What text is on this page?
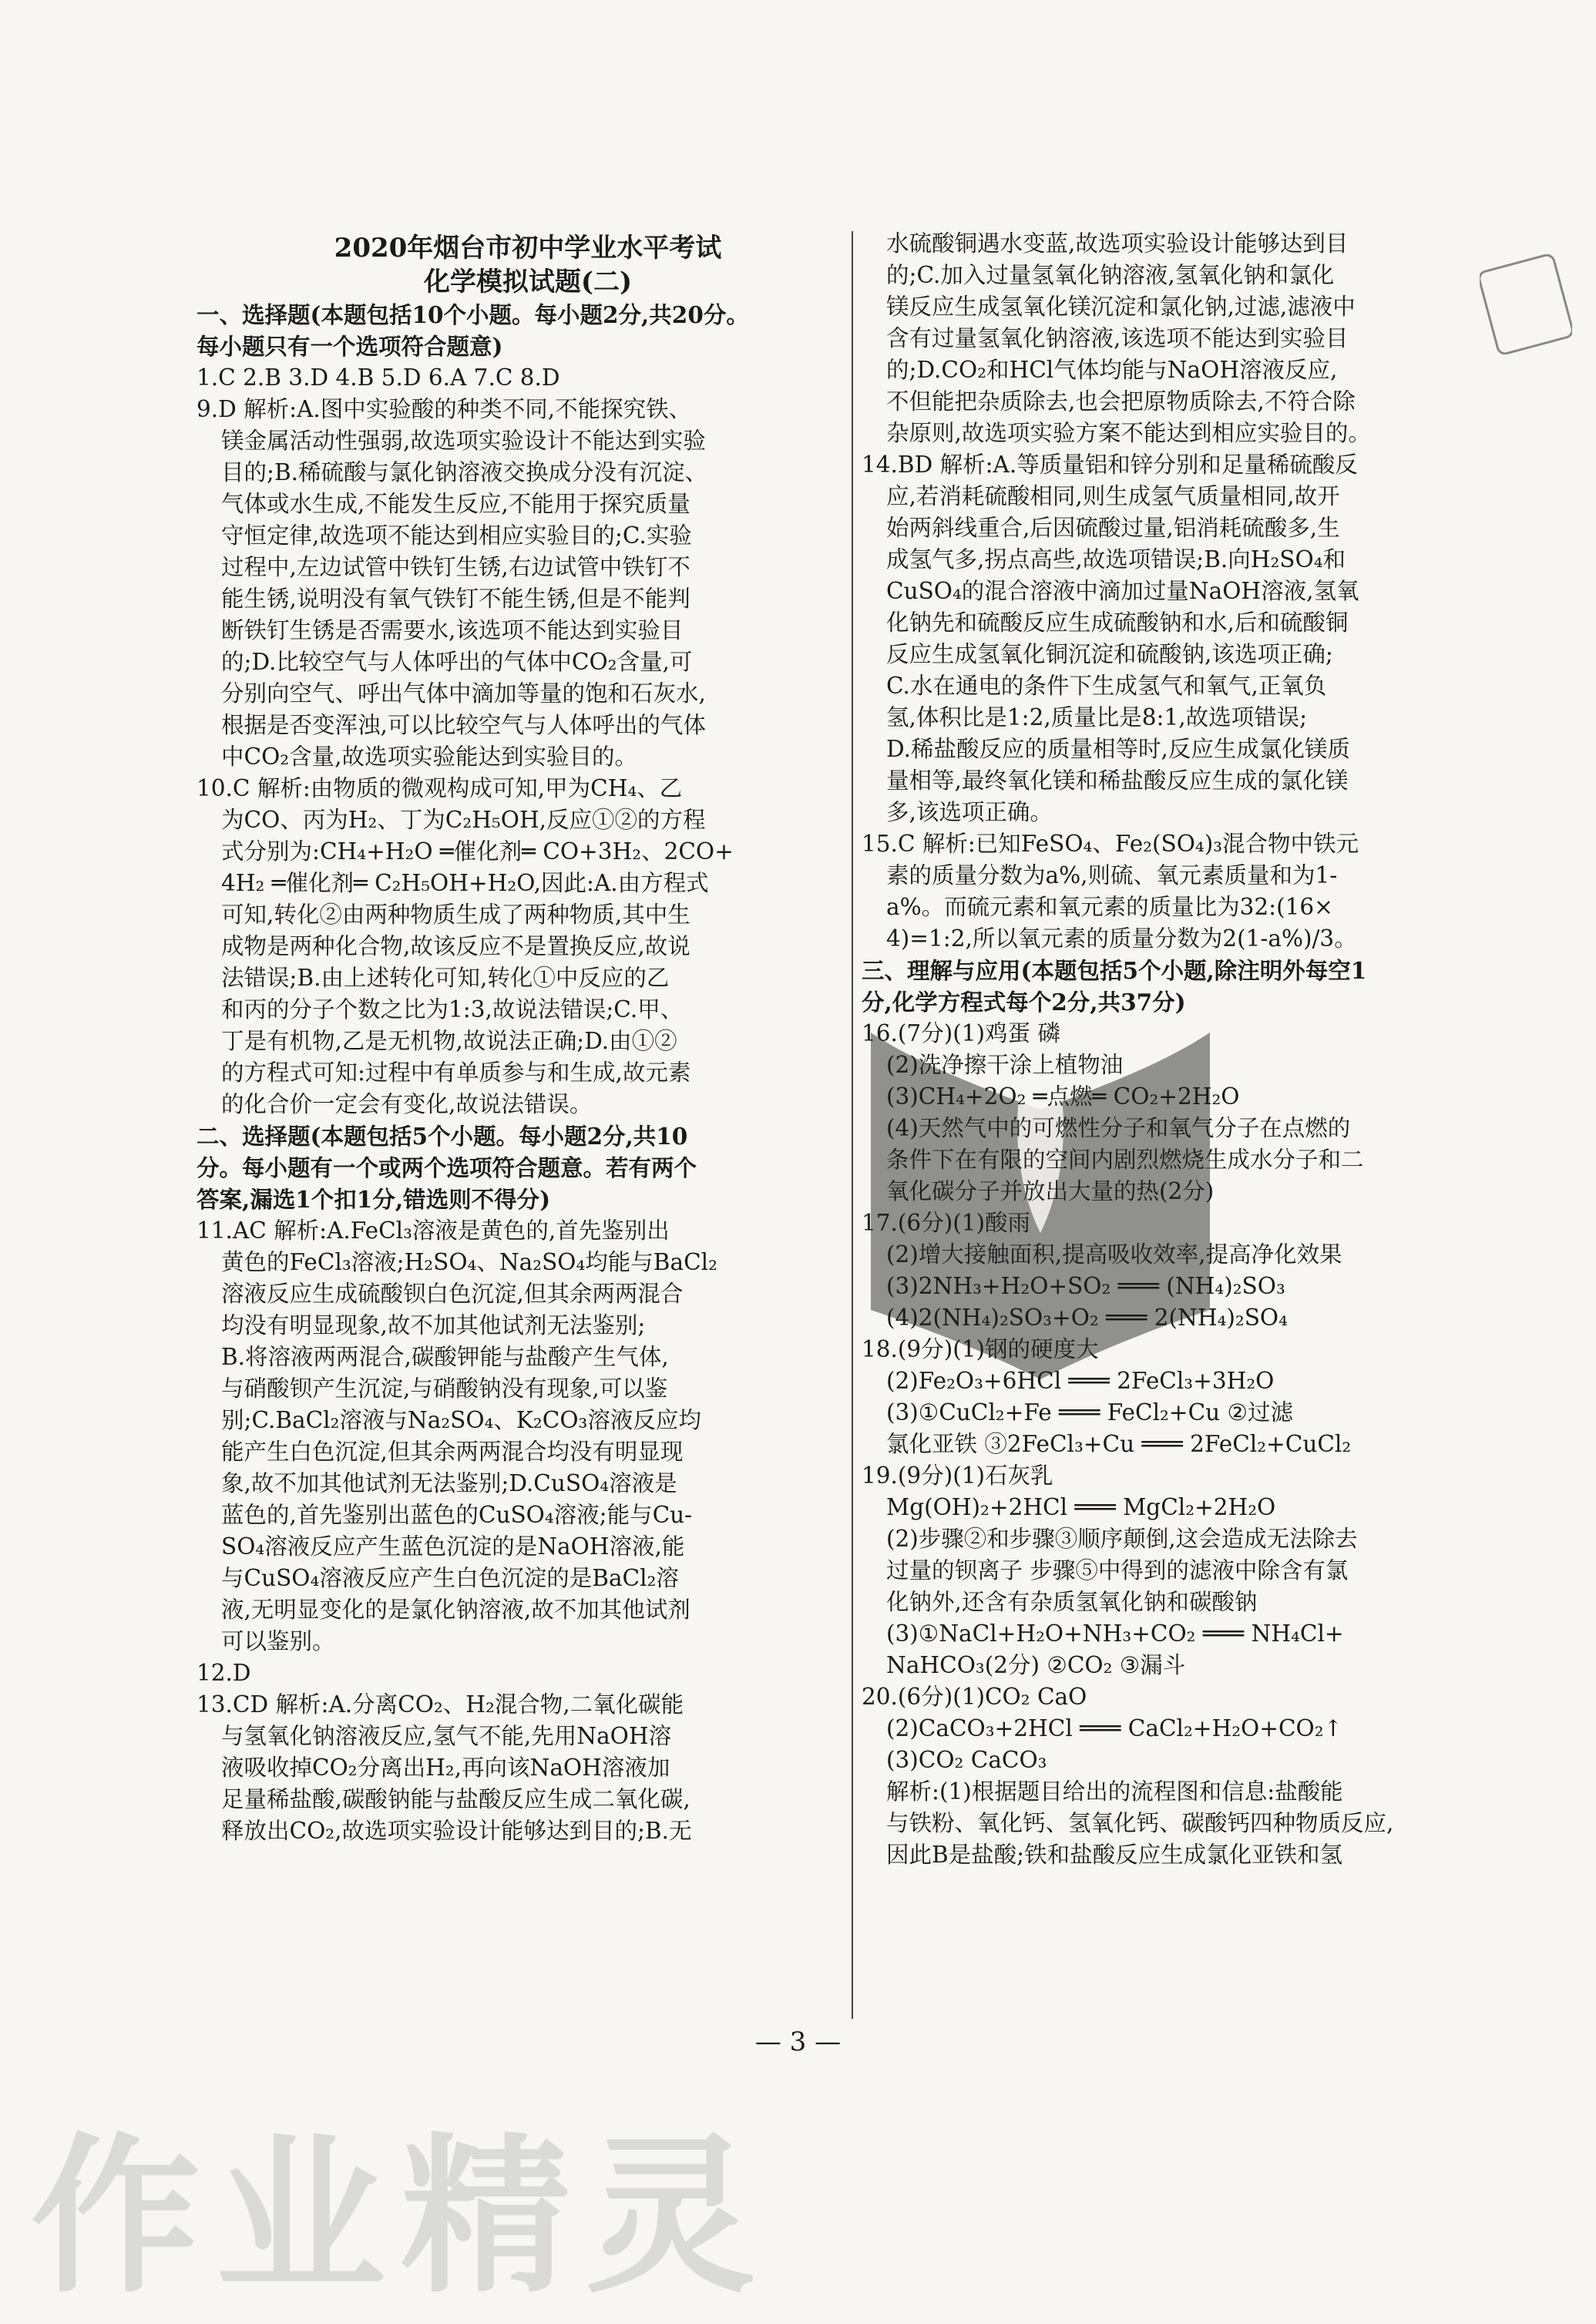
2020年烟台市初中学业水平考试
化学模拟试题(二)
一、选择题(本题包括10个小题。每小题2分,共20分。
每小题只有一个选项符合题意)
1.C 2.B 3.D 4.B 5.D 6.A 7.C 8.D
9.D 解析:A.图中实验酸的种类不同,不能探究铁、
镁金属活动性强弱,故选项实验设计不能达到实验
目的;B.稀硫酸与氯化钠溶液交换成分没有沉淀、
气体或水生成,不能发生反应,不能用于探究质量
守恒定律,故选项不能达到相应实验目的;C.实验
过程中,左边试管中铁钉生锈,右边试管中铁钉不
能生锈,说明没有氧气铁钉不能生锈,但是不能判
断铁钉生锈是否需要水,该选项不能达到实验目
的;D.比较空气与人体呼出的气体中CO₂含量,可
分别向空气、呼出气体中滴加等量的饱和石灰水,
根据是否变浑浊,可以比较空气与人体呼出的气体
中CO₂含量,故选项实验能达到实验目的。
10.C 解析:由物质的微观构成可知,甲为CH₄、乙
为CO、丙为H₂、丁为C₂H₅OH,反应①②的方程
式分别为:CH₄+H₂O ═催化剂═ CO+3H₂、2CO+
4H₂ ═催化剂═ C₂H₅OH+H₂O,因此:A.由方程式
可知,转化②由两种物质生成了两种物质,其中生
成物是两种化合物,故该反应不是置换反应,故说
法错误;B.由上述转化可知,转化①中反应的乙
和丙的分子个数之比为1:3,故说法错误;C.甲、
丁是有机物,乙是无机物,故说法正确;D.由①②
的方程式可知:过程中有单质参与和生成,故元素
的化合价一定会有变化,故说法错误。
二、选择题(本题包括5个小题。每小题2分,共10
分。每小题有一个或两个选项符合题意。若有两个
答案,漏选1个扣1分,错选则不得分)
11.AC 解析:A.FeCl₃溶液是黄色的,首先鉴别出
黄色的FeCl₃溶液;H₂SO₄、Na₂SO₄均能与BaCl₂
溶液反应生成硫酸钡白色沉淀,但其余两两混合
均没有明显现象,故不加其他试剂无法鉴别;
B.将溶液两两混合,碳酸钾能与盐酸产生气体,
与硝酸钡产生沉淀,与硝酸钠没有现象,可以鉴
别;C.BaCl₂溶液与Na₂SO₄、K₂CO₃溶液反应均
能产生白色沉淀,但其余两两混合均没有明显现
象,故不加其他试剂无法鉴别;D.CuSO₄溶液是
蓝色的,首先鉴别出蓝色的CuSO₄溶液;能与Cu-
SO₄溶液反应产生蓝色沉淀的是NaOH溶液,能
与CuSO₄溶液反应产生白色沉淀的是BaCl₂溶
液,无明显变化的是氯化钠溶液,故不加其他试剂
可以鉴别。
12.D
13.CD 解析:A.分离CO₂、H₂混合物,二氧化碳能
与氢氧化钠溶液反应,氢气不能,先用NaOH溶
液吸收掉CO₂分离出H₂,再向该NaOH溶液加
足量稀盐酸,碳酸钠能与盐酸反应生成二氧化碳,
释放出CO₂,故选项实验设计能够达到目的;B.无
水硫酸铜遇水变蓝,故选项实验设计能够达到目
的;C.加入过量氢氧化钠溶液,氢氧化钠和氯化
镁反应生成氢氧化镁沉淀和氯化钠,过滤,滤液中
含有过量氢氧化钠溶液,该选项不能达到实验目
的;D.CO₂和HCl气体均能与NaOH溶液反应,
不但能把杂质除去,也会把原物质除去,不符合除
杂原则,故选项实验方案不能达到相应实验目的。
14.BD 解析:A.等质量铝和锌分别和足量稀硫酸反
应,若消耗硫酸相同,则生成氢气质量相同,故开
始两斜线重合,后因硫酸过量,铝消耗硫酸多,生
成氢气多,拐点高些,故选项错误;B.向H₂SO₄和
CuSO₄的混合溶液中滴加过量NaOH溶液,氢氧
化钠先和硫酸反应生成硫酸钠和水,后和硫酸铜
反应生成氢氧化铜沉淀和硫酸钠,该选项正确;
C.水在通电的条件下生成氢气和氧气,正氧负
氢,体积比是1:2,质量比是8:1,故选项错误;
D.稀盐酸反应的质量相等时,反应生成氯化镁质
量相等,最终氧化镁和稀盐酸反应生成的氯化镁
多,该选项正确。
15.C 解析:已知FeSO₄、Fe₂(SO₄)₃混合物中铁元
素的质量分数为a%,则硫、氧元素质量和为1-
a%。而硫元素和氧元素的质量比为32:(16×
4)=1:2,所以氧元素的质量分数为2(1-a%)/3。
三、理解与应用(本题包括5个小题,除注明外每空1
分,化学方程式每个2分,共37分)
16.(7分)(1)鸡蛋 磷
(2)洗净擦干涂上植物油
(3)CH₄+2O₂ ═点燃═ CO₂+2H₂O
(4)天然气中的可燃性分子和氧气分子在点燃的
条件下在有限的空间内剧烈燃烧生成水分子和二
氧化碳分子并放出大量的热(2分)
17.(6分)(1)酸雨
(2)增大接触面积,提高吸收效率,提高净化效果
(3)2NH₃+H₂O+SO₂ ═══ (NH₄)₂SO₃
(4)2(NH₄)₂SO₃+O₂ ═══ 2(NH₄)₂SO₄
18.(9分)(1)钢的硬度大
(2)Fe₂O₃+6HCl ═══ 2FeCl₃+3H₂O
(3)①CuCl₂+Fe ═══ FeCl₂+Cu ②过滤
氯化亚铁 ③2FeCl₃+Cu ═══ 2FeCl₂+CuCl₂
19.(9分)(1)石灰乳
Mg(OH)₂+2HCl ═══ MgCl₂+2H₂O
(2)步骤②和步骤③顺序颠倒,这会造成无法除去
过量的钡离子 步骤⑤中得到的滤液中除含有氯
化钠外,还含有杂质氢氧化钠和碳酸钠
(3)①NaCl+H₂O+NH₃+CO₂ ═══ NH₄Cl+
NaHCO₃(2分) ②CO₂ ③漏斗
20.(6分)(1)CO₂ CaO
(2)CaCO₃+2HCl ═══ CaCl₂+H₂O+CO₂↑
(3)CO₂ CaCO₃
解析:(1)根据题目给出的流程图和信息:盐酸能
与铁粉、氧化钙、氢氧化钙、碳酸钙四种物质反应,
因此B是盐酸;铁和盐酸反应生成氯化亚铁和氢
— 3 —
作业精灵
